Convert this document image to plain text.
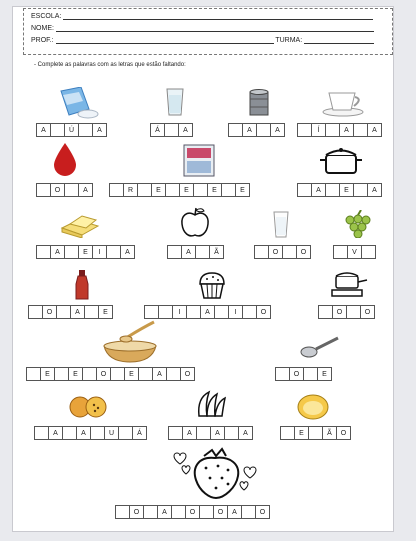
ESCOLA:
NOME:
PROF.:	TURMA:
- Complete as palavras com as letras que estão faltando:
A	Ú	A	Á	A	A	A	Í	A	A
O	A	R	E	E	E	E	A	E	A
A	E	I	A	A	Ã	O	O	V
O	A	E	I	A	I	O	O	O
E	E	O	E	A	O	O	E
A	A	U	Á	A	A	A	E	Ã	O
O	A	O	O	A	O
